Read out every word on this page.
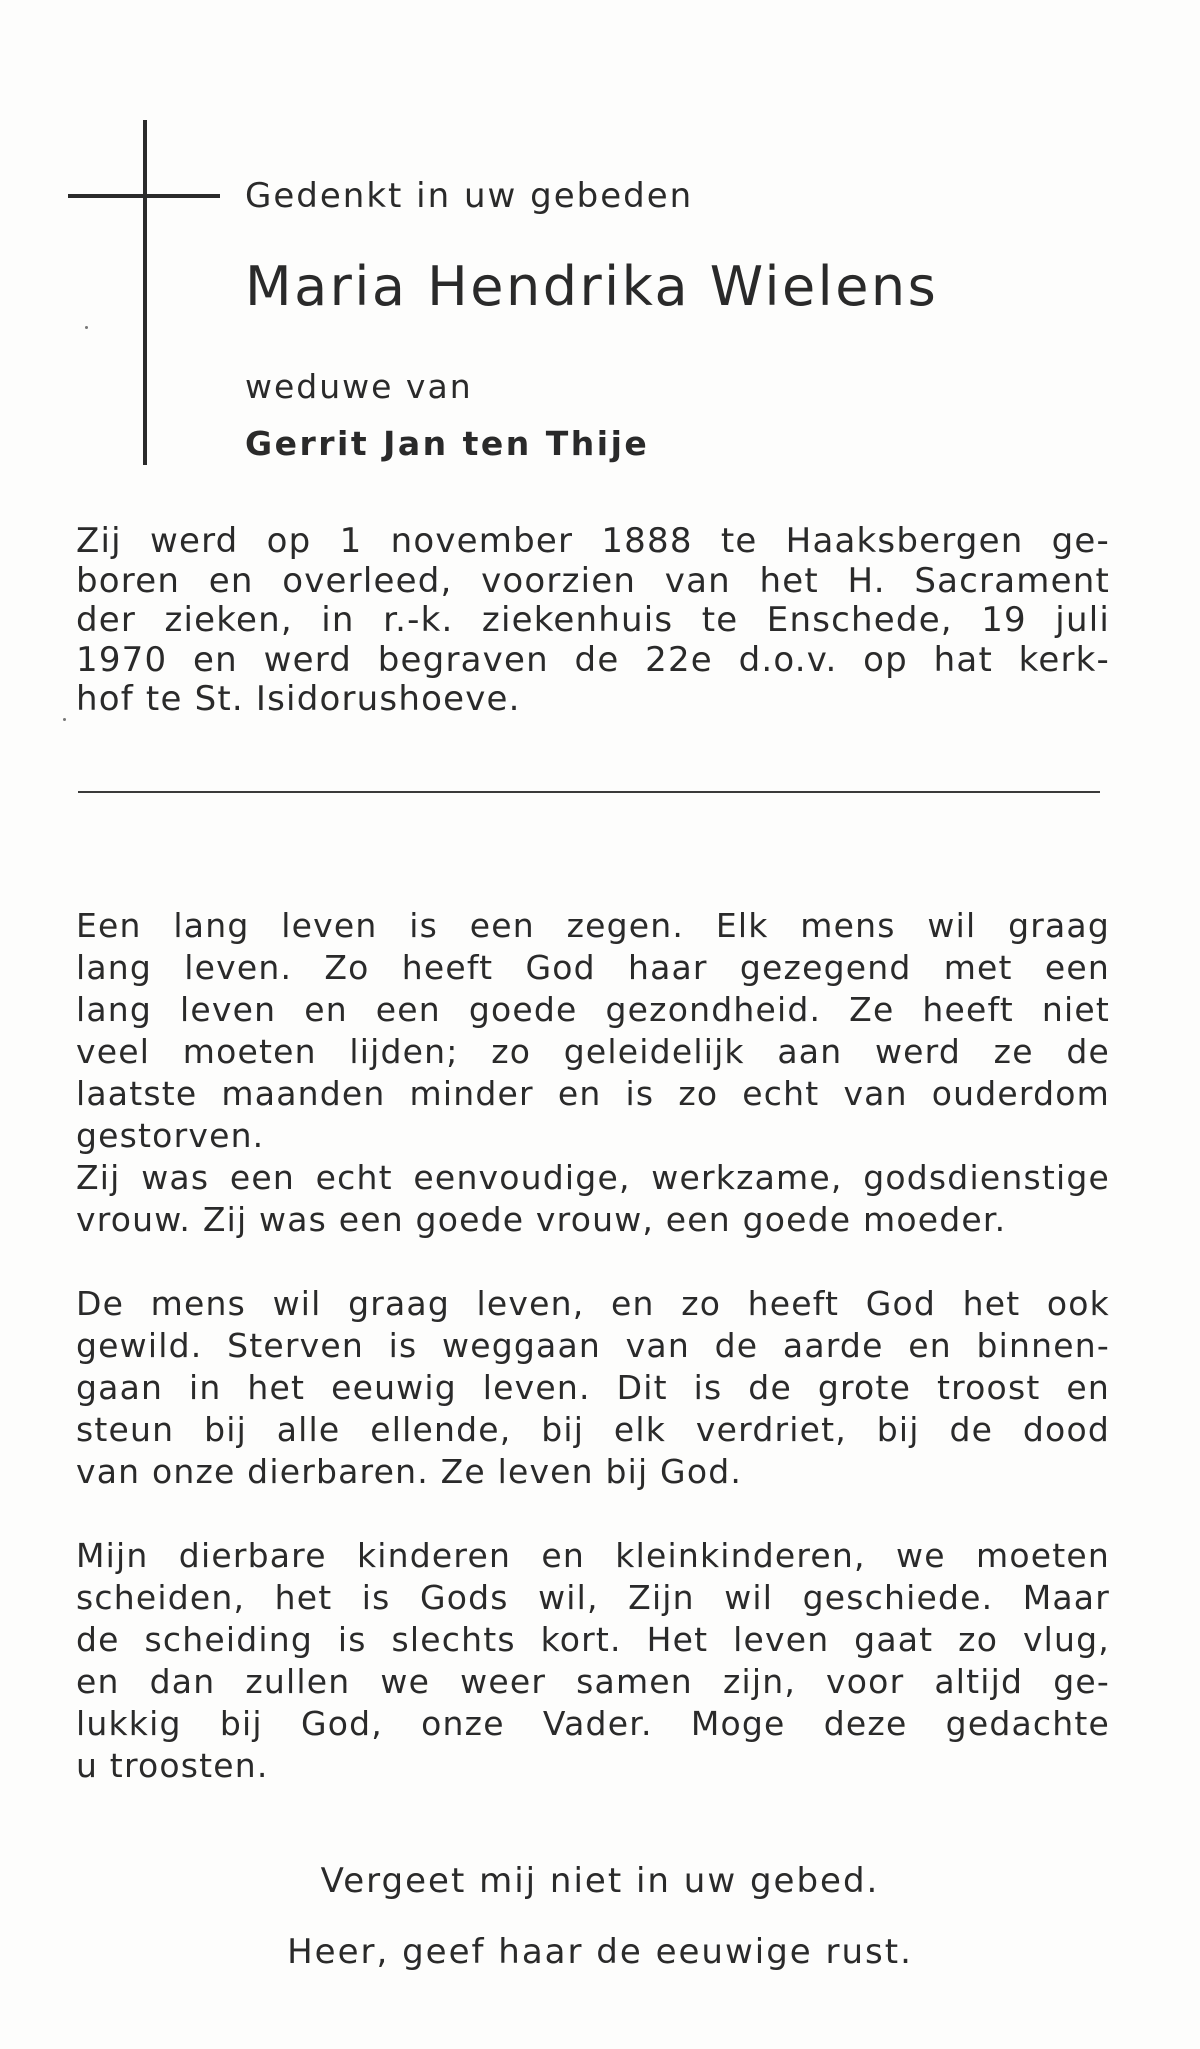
Gedenkt in uw gebeden
Maria Hendrika Wielens
weduwe van
Gerrit Jan ten Thije
Zij werd op 1 november 1888 te Haaksbergen ge-
boren en overleed, voorzien van het H. Sacrament
der zieken, in r.-k. ziekenhuis te Enschede, 19 juli
1970 en werd begraven de 22e d.o.v. op hat kerk-
hof te St. Isidorushoeve.
Een lang leven is een zegen. Elk mens wil graag
lang leven. Zo heeft God haar gezegend met een
lang leven en een goede gezondheid. Ze heeft niet
veel moeten lijden; zo geleidelijk aan werd ze de
laatste maanden minder en is zo echt van ouderdom
gestorven.
Zij was een echt eenvoudige, werkzame, godsdienstige
vrouw. Zij was een goede vrouw, een goede moeder.
De mens wil graag leven, en zo heeft God het ook
gewild. Sterven is weggaan van de aarde en binnen-
gaan in het eeuwig leven. Dit is de grote troost en
steun bij alle ellende, bij elk verdriet, bij de dood
van onze dierbaren. Ze leven bij God.
Mijn dierbare kinderen en kleinkinderen, we moeten
scheiden, het is Gods wil, Zijn wil geschiede. Maar
de scheiding is slechts kort. Het leven gaat zo vlug,
en dan zullen we weer samen zijn, voor altijd ge-
lukkig bij God, onze Vader. Moge deze gedachte
u troosten.
Vergeet mij niet in uw gebed.
Heer, geef haar de eeuwige rust.
